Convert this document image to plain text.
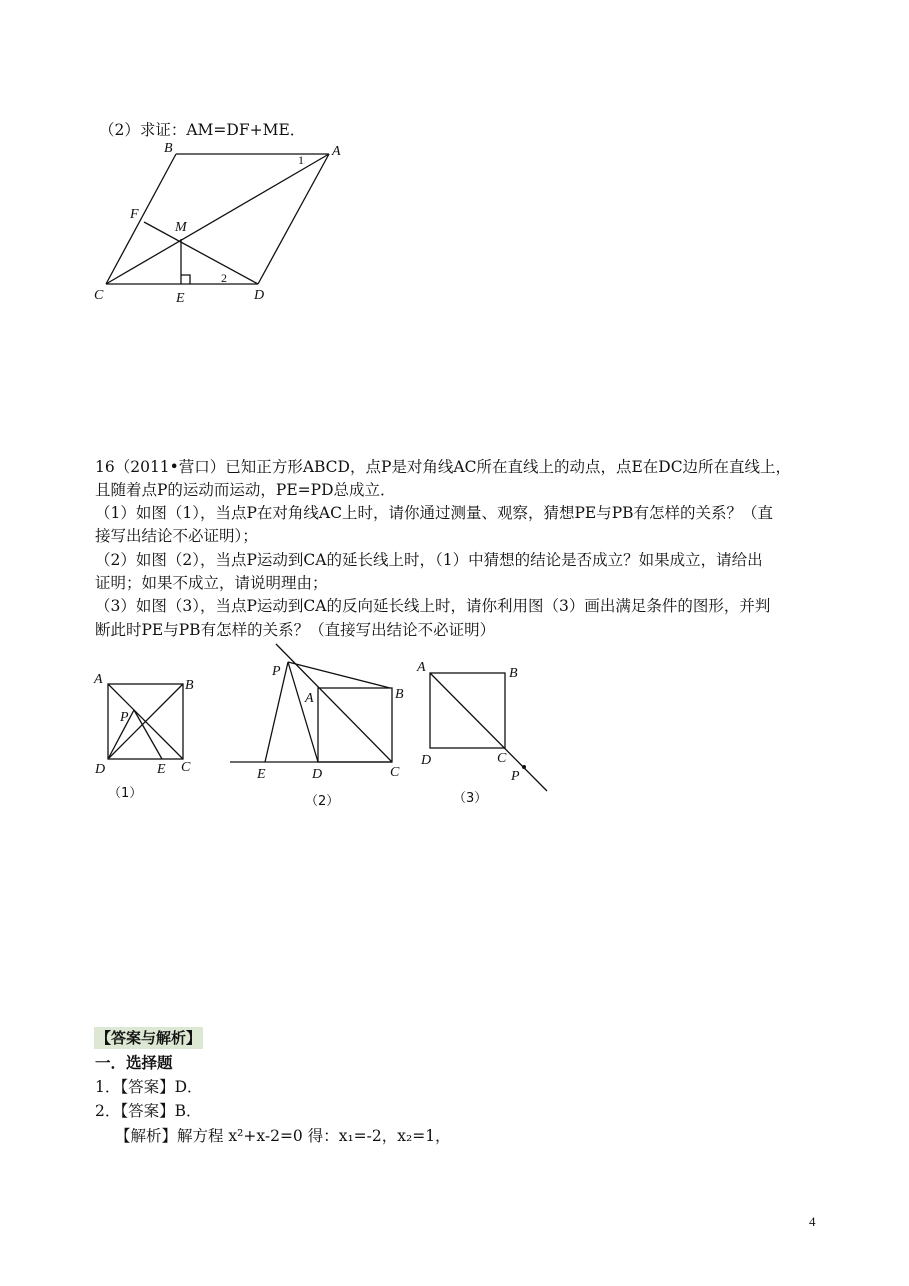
（2）求证：AM=DF+ME．
B	A
1
F
M
2
C	E	D
16（2011•营口）已知正方形ABCD，点P是对角线AC所在直线上的动点，点E在DC边所在直线上，
且随着点P的运动而运动，PE=PD总成立．
（1）如图（1），当点P在对角线AC上时，请你通过测量、观察，猜想PE与PB有怎样的关系？（直
接写出结论不必证明）；
（2）如图（2），当点P运动到CA的延长线上时，（1）中猜想的结论是否成立？如果成立，请给出
证明；如果不成立，请说明理由；
（3）如图（3），当点P运动到CA的反向延长线上时，请你利用图（3）画出满足条件的图形，并判
断此时PE与PB有怎样的关系？（直接写出结论不必证明）
A	B
P
D	E C
（1）
P
A	B
E	D	C
（2）
A	B
D	C
P
（3）
【答案与解析】
一．选择题
1．【答案】D．
2．【答案】B．
【解析】解方程 x²+x-2=0 得：x₁=-2，x₂=1，
4
